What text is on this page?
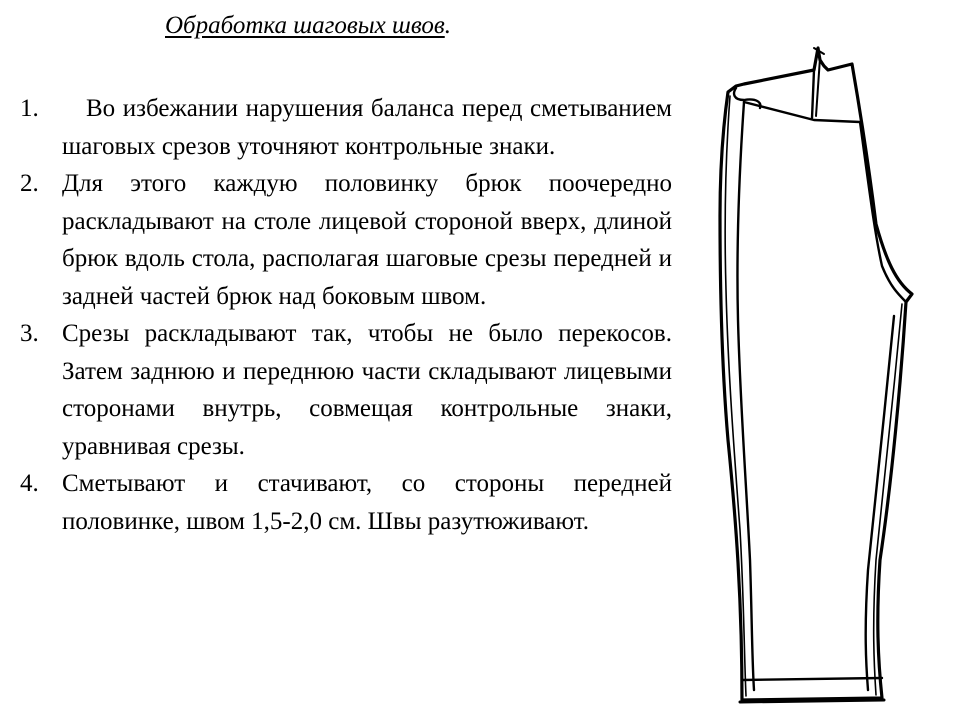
Обработка шаговых швов.
1.	Во избежании нарушения баланса перед сметыванием шаговых срезов уточняют контрольные знаки.
2. Для этого каждую половинку брюк поочередно раскладывают на столе лицевой стороной вверх, длиной брюк вдоль стола, располагая шаговые срезы передней и задней частей брюк над боковым швом.
3. Срезы раскладывают так, чтобы не было перекосов. Затем заднюю и переднюю части складывают лицевыми сторонами внутрь, совмещая контрольные знаки, уравнивая срезы.
4. Сметывают и стачивают, со стороны передней половинке, швом 1,5-2,0 см. Швы разутюживают.
